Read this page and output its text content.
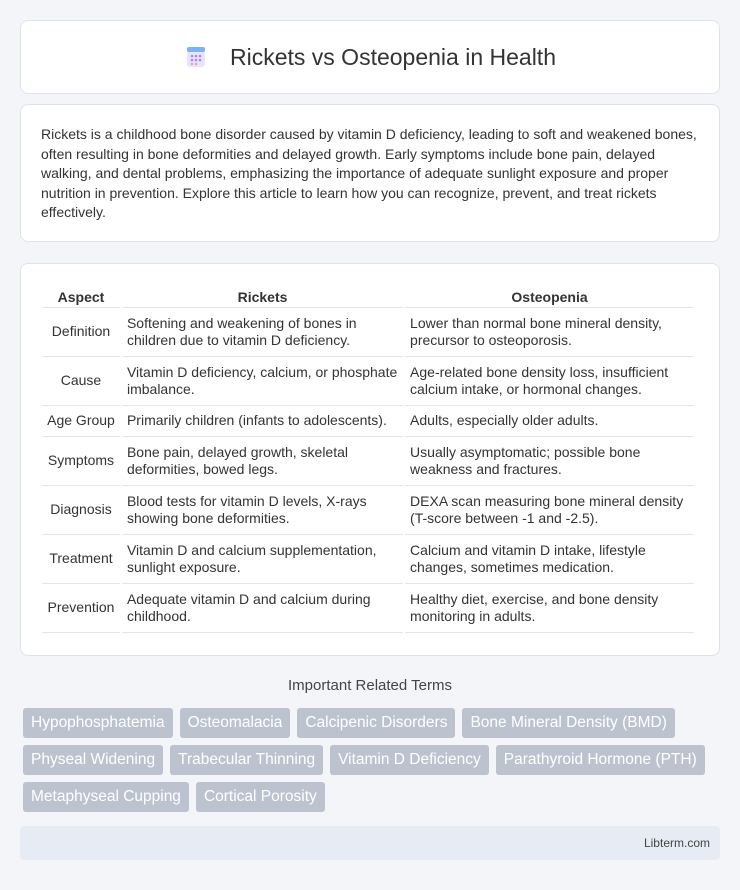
Rickets vs Osteopenia in Health

Rickets is a childhood bone disorder caused by vitamin D deficiency, leading to soft and weakened bones, often resulting in bone deformities and delayed growth. Early symptoms include bone pain, delayed walking, and dental problems, emphasizing the importance of adequate sunlight exposure and proper nutrition in prevention. Explore this article to learn how you can recognize, prevent, and treat rickets effectively.

Aspect	Rickets	Osteopenia
Definition	Softening and weakening of bones in children due to vitamin D deficiency.	Lower than normal bone mineral density, precursor to osteoporosis.
Cause	Vitamin D deficiency, calcium, or phosphate imbalance.	Age-related bone density loss, insufficient calcium intake, or hormonal changes.
Age Group	Primarily children (infants to adolescents).	Adults, especially older adults.
Symptoms	Bone pain, delayed growth, skeletal deformities, bowed legs.	Usually asymptomatic; possible bone weakness and fractures.
Diagnosis	Blood tests for vitamin D levels, X-rays showing bone deformities.	DEXA scan measuring bone mineral density (T-score between -1 and -2.5).
Treatment	Vitamin D and calcium supplementation, sunlight exposure.	Calcium and vitamin D intake, lifestyle changes, sometimes medication.
Prevention	Adequate vitamin D and calcium during childhood.	Healthy diet, exercise, and bone density monitoring in adults.
Important Related Terms
Hypophosphatemia	Osteomalacia	Calcipenic Disorders	Bone Mineral Density (BMD)
Physeal Widening	Trabecular Thinning	Vitamin D Deficiency	Parathyroid Hormone (PTH)
Metaphyseal Cupping	Cortical Porosity
Libterm.com
